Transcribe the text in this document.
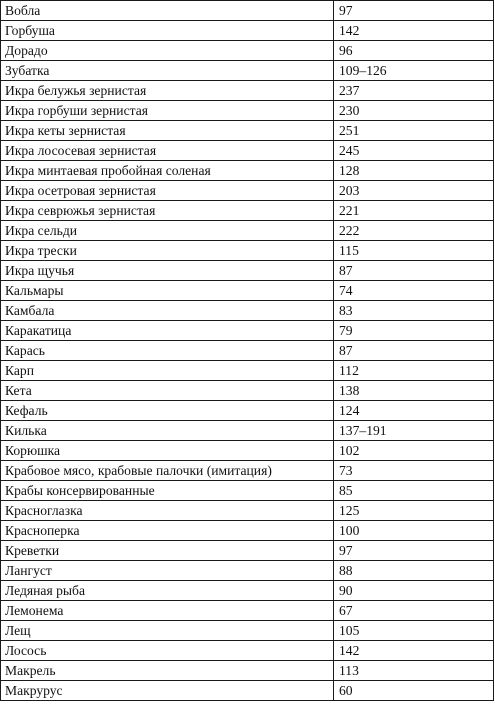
Вобла	97
Горбуша	142
Дорадо	96
Зубатка	109–126
Икра белужья зернистая	237
Икра горбуши зернистая	230
Икра кеты зернистая	251
Икра лососевая зернистая	245
Икра минтаевая пробойная соленая	128
Икра осетровая зернистая	203
Икра севрюжья зернистая	221
Икра сельди	222
Икра трески	115
Икра щучья	87
Кальмары	74
Камбала	83
Каракатица	79
Карась	87
Карп	112
Кета	138
Кефаль	124
Килька	137–191
Корюшка	102
Крабовое мясо, крабовые палочки (имитация)	73
Крабы консервированные	85
Красноглазка	125
Красноперка	100
Креветки	97
Лангуст	88
Ледяная рыба	90
Лемонема	67
Лещ	105
Лосось	142
Макрель	113
Макрурус	60
